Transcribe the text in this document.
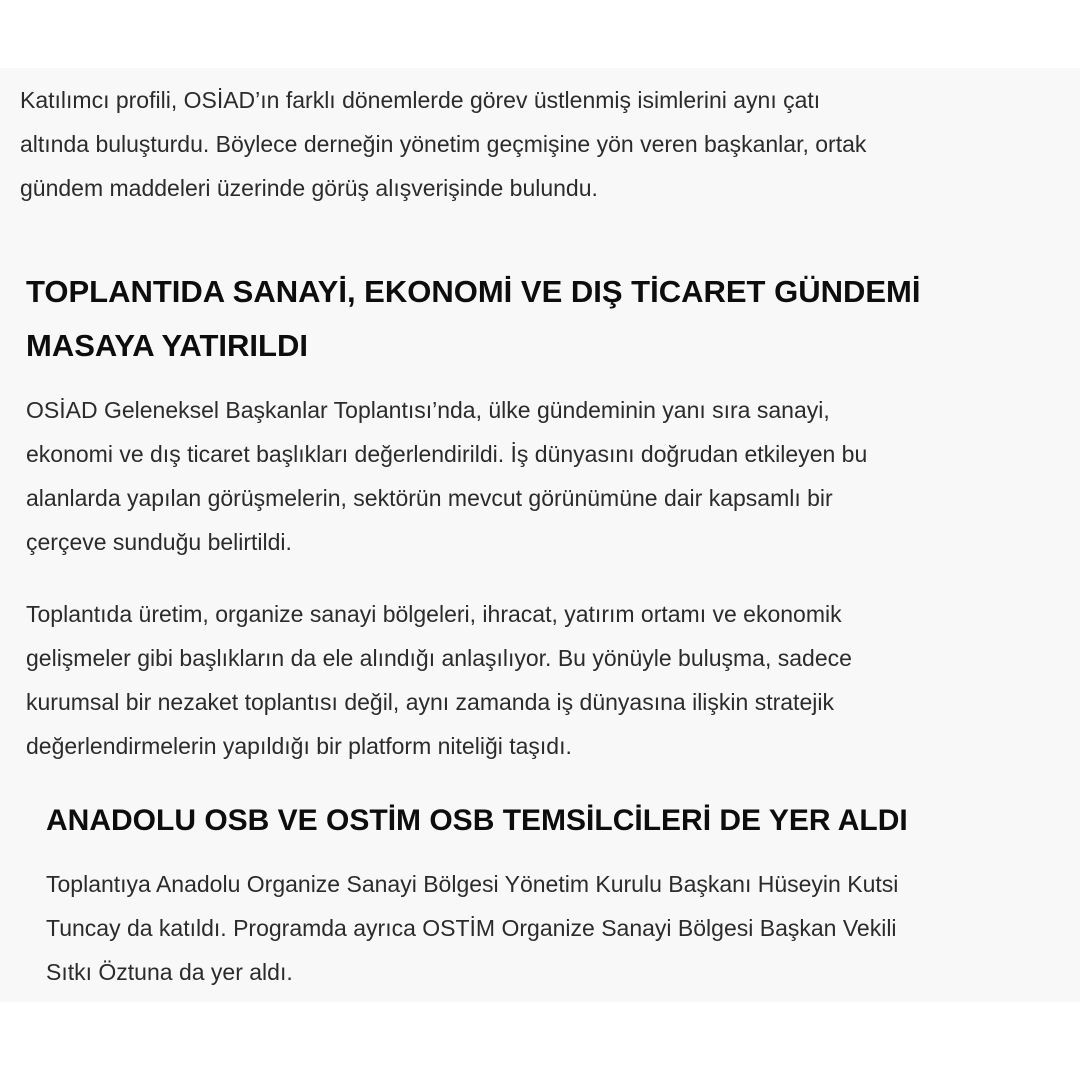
Katılımcı profili, OSİAD’ın farklı dönemlerde görev üstlenmiş isimlerini aynı çatı
altında buluşturdu. Böylece derneğin yönetim geçmişine yön veren başkanlar, ortak
gündem maddeleri üzerinde görüş alışverişinde bulundu.

TOPLANTIDA SANAYİ, EKONOMİ VE DIŞ TİCARET GÜNDEMİ
MASAYA YATIRILDI

OSİAD Geleneksel Başkanlar Toplantısı’nda, ülke gündeminin yanı sıra sanayi,
ekonomi ve dış ticaret başlıkları değerlendirildi. İş dünyasını doğrudan etkileyen bu
alanlarda yapılan görüşmelerin, sektörün mevcut görünümüne dair kapsamlı bir
çerçeve sunduğu belirtildi.

Toplantıda üretim, organize sanayi bölgeleri, ihracat, yatırım ortamı ve ekonomik
gelişmeler gibi başlıkların da ele alındığı anlaşılıyor. Bu yönüyle buluşma, sadece
kurumsal bir nezaket toplantısı değil, aynı zamanda iş dünyasına ilişkin stratejik
değerlendirmelerin yapıldığı bir platform niteliği taşıdı.

ANADOLU OSB VE OSTİM OSB TEMSİLCİLERİ DE YER ALDI

Toplantıya Anadolu Organize Sanayi Bölgesi Yönetim Kurulu Başkanı Hüseyin Kutsi
Tuncay da katıldı. Programda ayrıca OSTİM Organize Sanayi Bölgesi Başkan Vekili
Sıtkı Öztuna da yer aldı.
